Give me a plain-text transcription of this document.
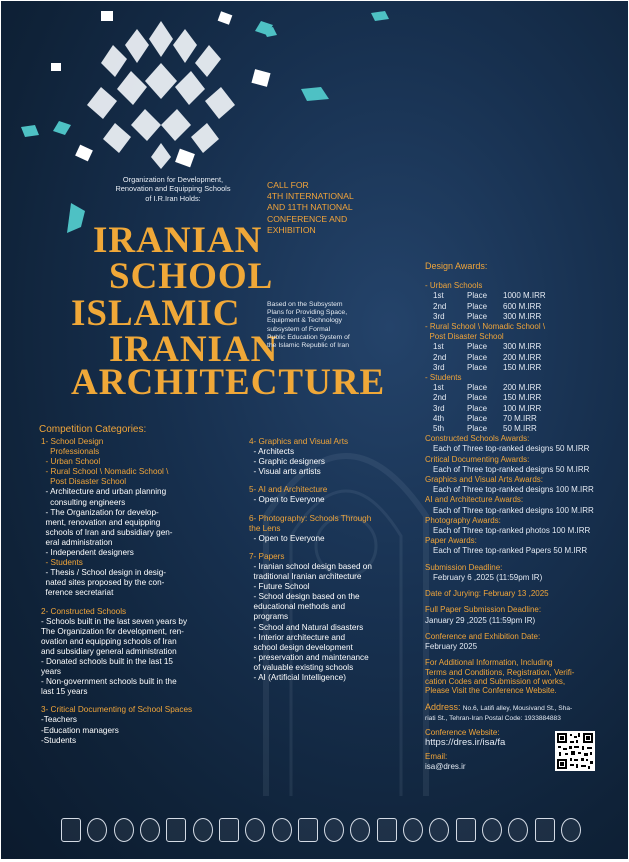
Organization for Development,
Renovation and Equipping Schools
of I.R.Iran Holds:
CALL FOR
4TH INTERNATIONAL
AND 11TH NATIONAL
CONFERENCE AND
EXHIBITION
IRANIAN
SCHOOL
ISLAMIC
IRANIAN
ARCHITECTURE
Based on the Subsystem
Plans for Providing Space,
Equipment & Technology
subsystem of Formal
Public Education System of
the Islamic Republic of Iran
Competition Categories:
1- School Design
Professionals
- Urban School
- Rural School \ Nomadic School \
Post Disaster School
- Architecture and urban planning
consulting engineers
- The Organization for develop-
ment, renovation and equipping
schools of Iran and subsidiary gen-
eral administration
- Independent designers
- Students
- Thesis / School design in desig-
nated sites proposed by the con-
ference secretariat
2- Constructed Schools
- Schools built in the last seven years by
The Organization for development, ren-
ovation and equipping schools of Iran
and subsidiary general administration
- Donated schools built in the last 15
years
- Non-government schools built in the
last 15 years
3- Critical Documenting of School Spaces
-Teachers
-Education managers
-Students
4- Graphics and Visual Arts
- Architects
- Graphic designers
- Visual arts artists
5- AI and Architecture
- Open to Everyone
6- Photography: Schools Through
the Lens
- Open to Everyone
7- Papers
- Iranian school design based on
traditional Iranian architecture
- Future School
- School design based on the
educational methods and
programs
- School and Natural disasters
- Interior architecture and
school design development
- preservation and maintenance
of valuable existing schools
- AI (Artificial Intelligence)
Design Awards:
- Urban Schools
1st	Place	1000 M.IRR
2nd	Place	600 M.IRR
3rd	Place	300 M.IRR
- Rural School \ Nomadic School \
Post Disaster School
1st	Place	300 M.IRR
2nd	Place	200 M.IRR
3rd	Place	150 M.IRR
- Students
1st	Place	200 M.IRR
2nd	Place	150 M.IRR
3rd	Place	100 M.IRR
4th	Place	70 M.IRR
5th	Place	50 M.IRR
Constructed Schools Awards:
Each of Three top-ranked designs 50 M.IRR
Critical Documenting Awards:
Each of Three top-ranked designs 50 M.IRR
Graphics and Visual Arts Awards:
Each of Three top-ranked designs 100 M.IRR
AI and Architecture Awards:
Each of Three top-ranked designs 100 M.IRR
Photography Awards:
Each of Three top-ranked photos 100 M.IRR
Paper Awards:
Each of Three top-ranked Papers 50 M.IRR
Submission Deadline:
February 6 ,2025 (11:59pm IR)
Date of Jurying: February 13 ,2025
Full Paper Submission Deadline:
January 29 ,2025 (11:59pm IR)
Conference and Exhibition Date:
February 2025
For Additional Information, Including
Terms and Conditions, Registration, Verifi-
cation Codes and Submission of works,
Please Visit the Conference Website.
Address: No.6, Latifi alley, Mousivand St., Sha-
riati St., Tehran-Iran Postal Code: 1933884883
Conference Website:
https://dres.ir/isa/fa
Email:
isa@dres.ir
